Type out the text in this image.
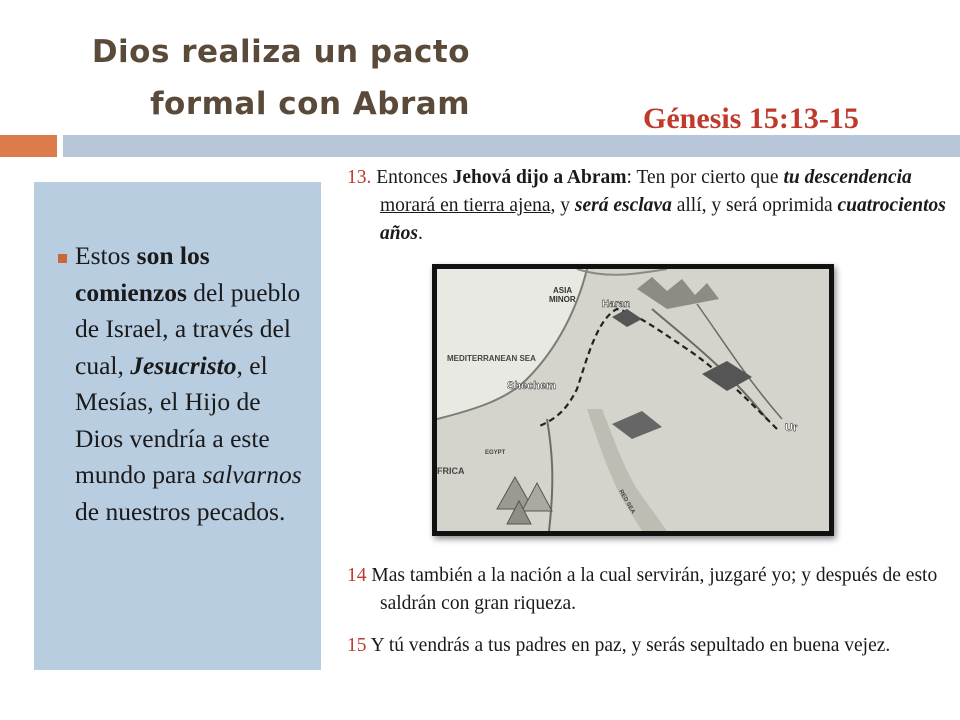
Dios realiza un pacto
formal con Abram	Génesis 15:13-15
Estos son los comienzos del pueblo de Israel, a través del cual, Jesucristo, el Mesías, el Hijo de Dios vendría a este mundo para salvarnos de nuestros pecados.
13. Entonces Jehová dijo a Abram: Ten por cierto que tu descendencia morará en tierra ajena, y será esclava allí, y será oprimida cuatrocientos años.
ASIA
MINOR	Haran
MEDITERRANEAN SEA
Shechem
Ur
EGYPT
FRICA
RED SEA
14 Mas también a la nación a la cual servirán, juzgaré yo; y después de esto saldrán con gran riqueza.
15 Y tú vendrás a tus padres en paz, y serás sepultado en buena vejez.
